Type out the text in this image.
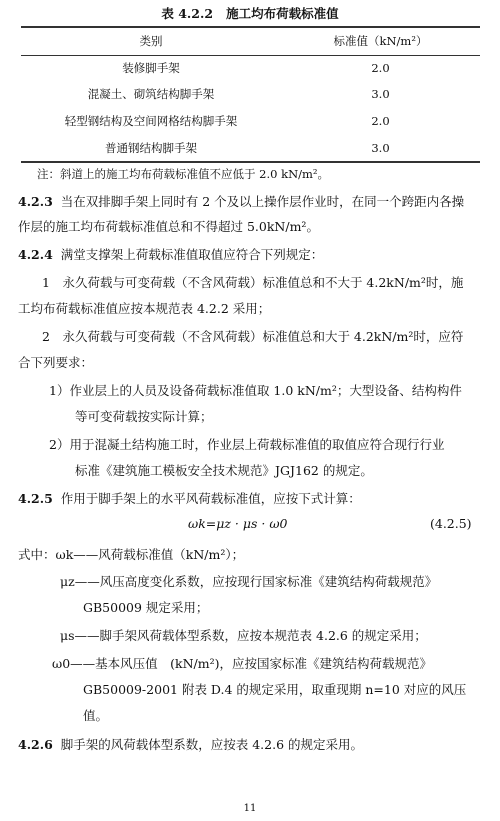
表 4.2.2 施工均布荷载标准值
类别	标准值（kN/m²）
装修脚手架	2.0
混凝土、砌筑结构脚手架	3.0
轻型钢结构及空间网格结构脚手架	2.0
普通钢结构脚手架	3.0
注：斜道上的施工均布荷载标准值不应低于 2.0 kN/m²。
4.2.3 当在双排脚手架上同时有 2 个及以上操作层作业时，在同一个跨距内各操
作层的施工均布荷载标准值总和不得超过 5.0kN/m²。
4.2.4 满堂支撑架上荷载标准值取值应符合下列规定：
1　永久荷载与可变荷载（不含风荷载）标准值总和不大于 4.2kN/m²时，施
工均布荷载标准值应按本规范表 4.2.2 采用；
2　永久荷载与可变荷载（不含风荷载）标准值总和大于 4.2kN/m²时，应符
合下列要求：
1）作业层上的人员及设备荷载标准值取 1.0 kN/m²；大型设备、结构构件
等可变荷载按实际计算；
2）用于混凝土结构施工时，作业层上荷载标准值的取值应符合现行行业
标准《建筑施工模板安全技术规范》JGJ162 的规定。
4.2.5 作用于脚手架上的水平风荷载标准值，应按下式计算：
ωk=μz · μs · ω0	(4.2.5)
式中：ωk——风荷载标准值（kN/m²）；
μz——风压高度变化系数，应按现行国家标准《建筑结构荷载规范》
GB50009 规定采用；
μs——脚手架风荷载体型系数，应按本规范表 4.2.6 的规定采用；
ω0——基本风压值　(kN/m²)，应按国家标准《建筑结构荷载规范》
GB50009-2001 附表 D.4 的规定采用，取重现期 n=10 对应的风压
值。
4.2.6 脚手架的风荷载体型系数，应按表 4.2.6 的规定采用。
11
